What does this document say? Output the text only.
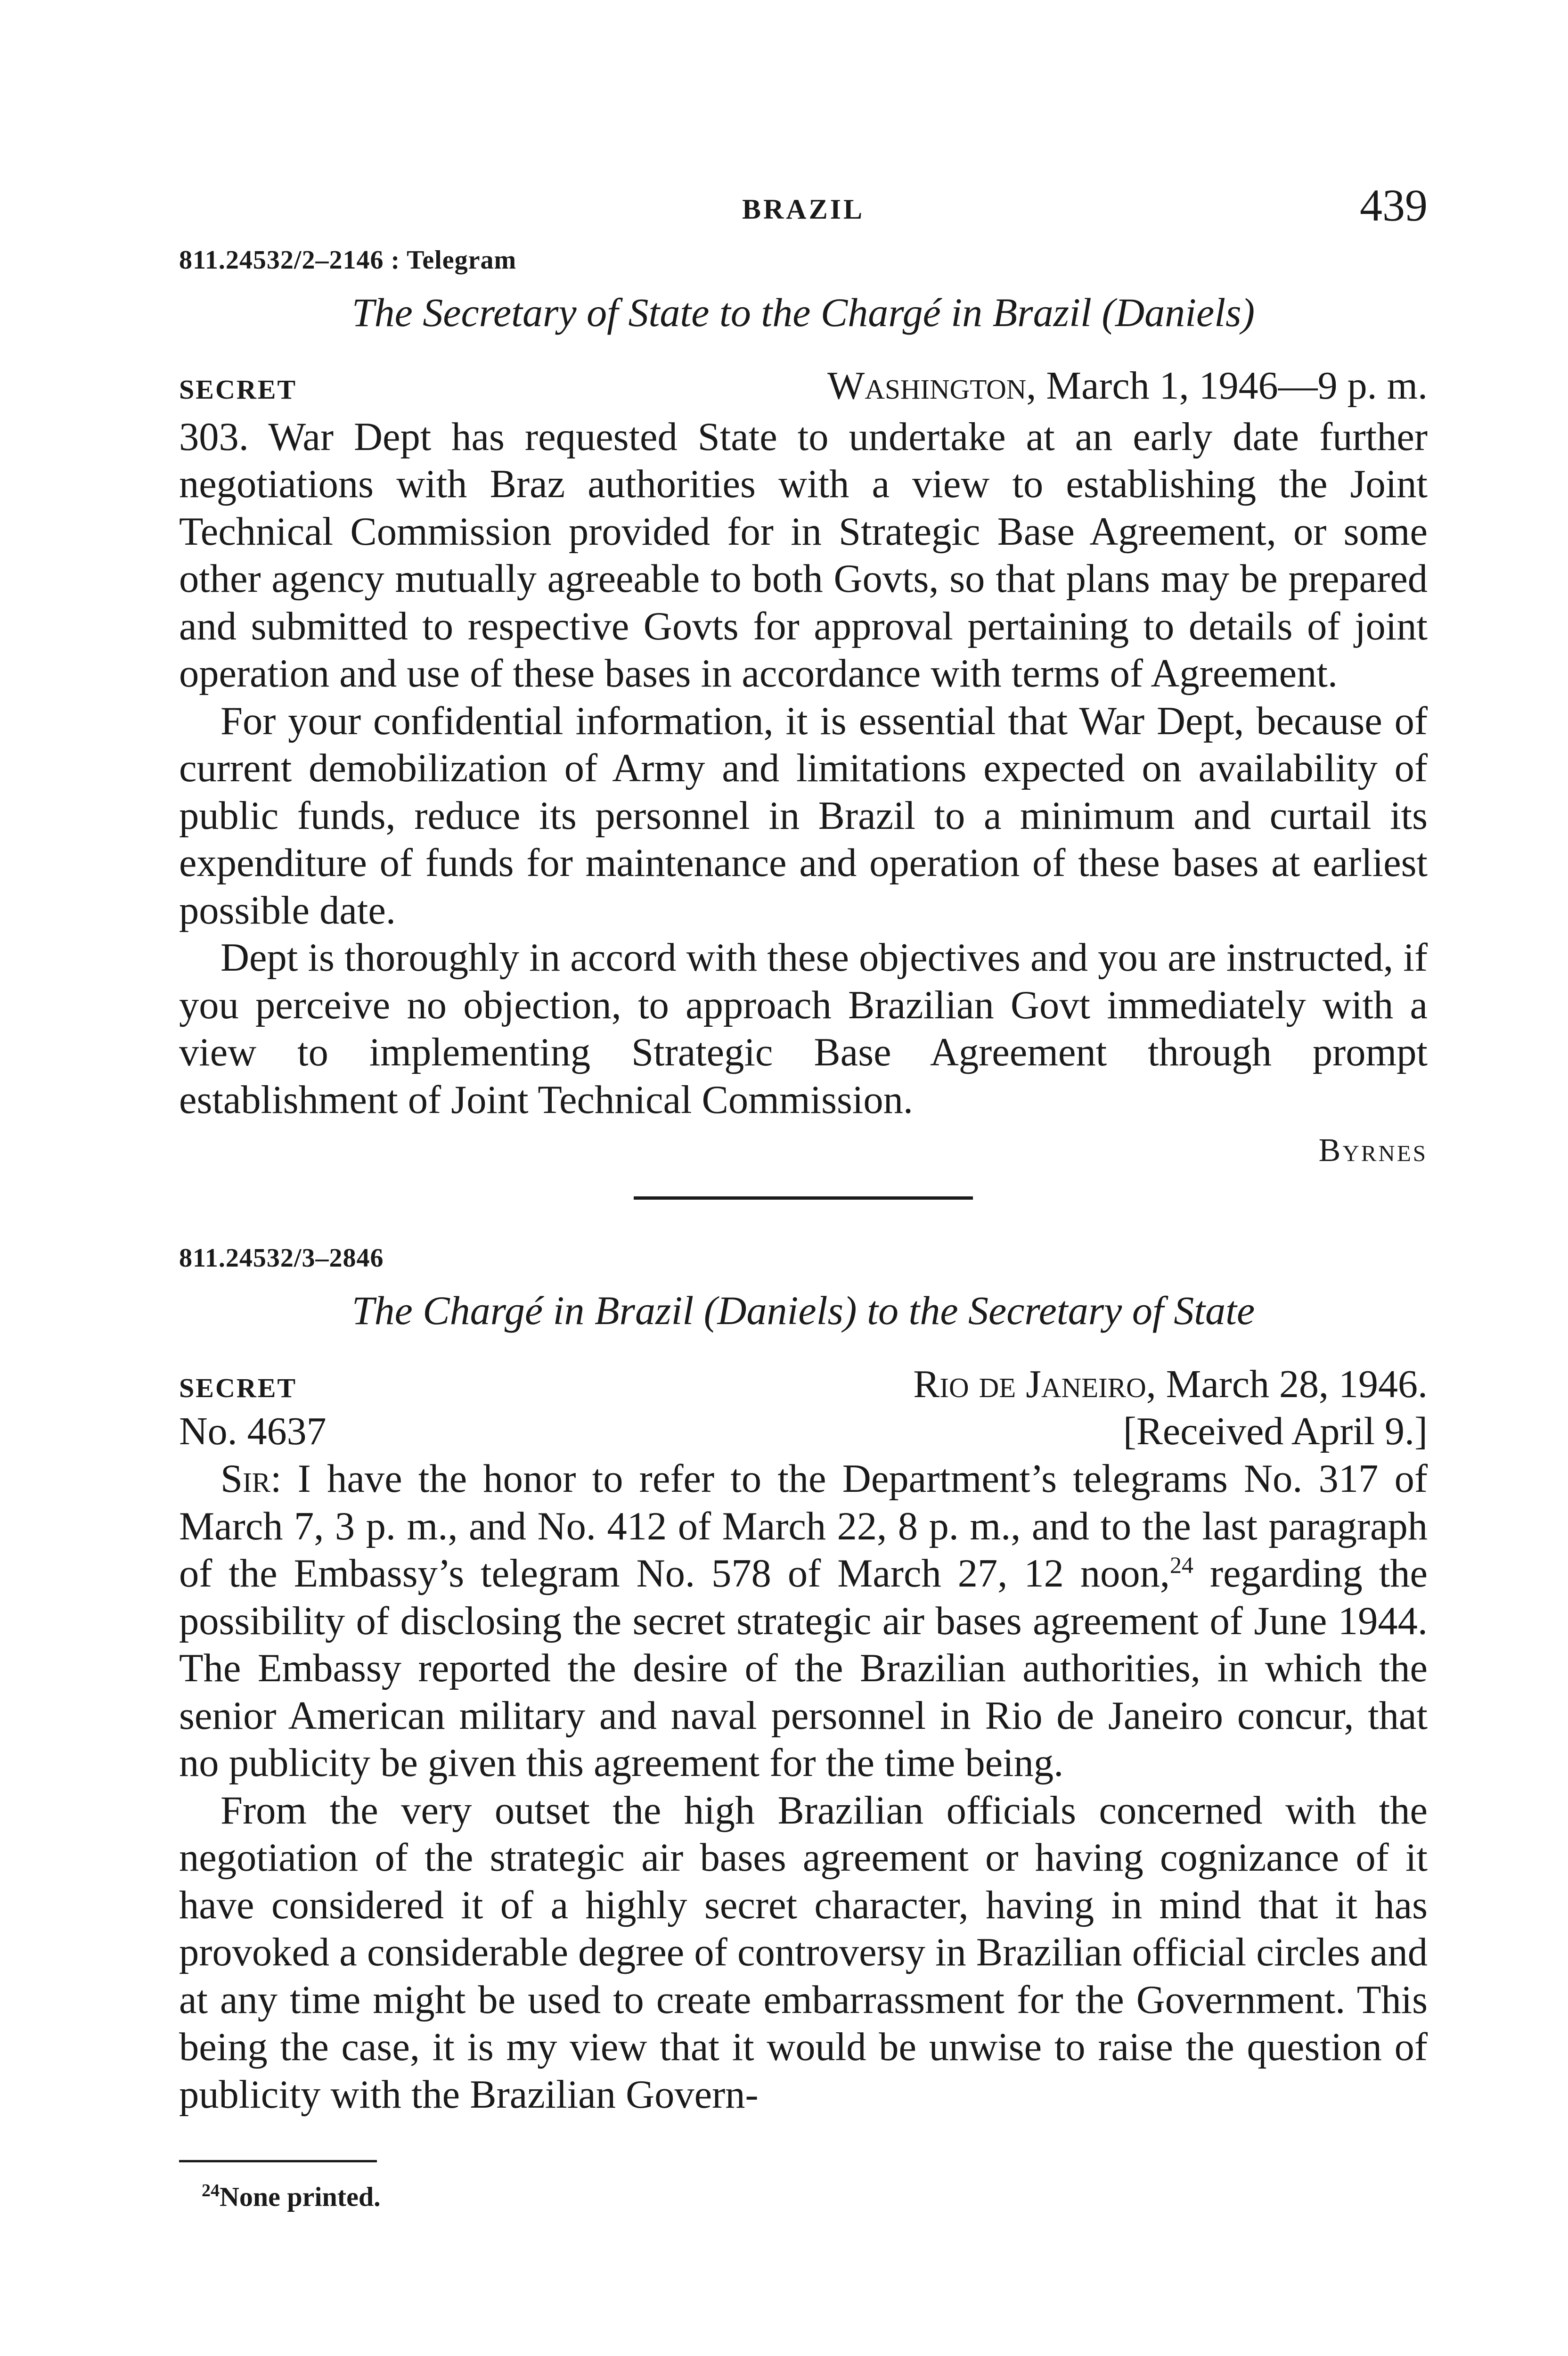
BRAZIL	439
811.24532/2–2146 : Telegram
The Secretary of State to the Chargé in Brazil (Daniels)
SECRET	Washington, March 1, 1946—9 p. m.

303. War Dept has requested State to undertake at an early date further negotiations with Braz authorities with a view to establishing the Joint Technical Commission provided for in Strategic Base Agreement, or some other agency mutually agreeable to both Govts, so that plans may be prepared and submitted to respective Govts for approval pertaining to details of joint operation and use of these bases in accordance with terms of Agreement.

For your confidential information, it is essential that War Dept, because of current demobilization of Army and limitations expected on availability of public funds, reduce its personnel in Brazil to a minimum and curtail its expenditure of funds for maintenance and operation of these bases at earliest possible date.

Dept is thoroughly in accord with these objectives and you are instructed, if you perceive no objection, to approach Brazilian Govt immediately with a view to implementing Strategic Base Agreement through prompt establishment of Joint Technical Commission.

Byrnes
811.24532/3–2846
The Chargé in Brazil (Daniels) to the Secretary of State
SECRET	Rio de Janeiro, March 28, 1946.
No. 4637	[Received April 9.]

Sir: I have the honor to refer to the Department’s telegrams No. 317 of March 7, 3 p. m., and No. 412 of March 22, 8 p. m., and to the last paragraph of the Embassy’s telegram No. 578 of March 27, 12 noon,$^{24}$ regarding the possibility of disclosing the secret strategic air bases agreement of June 1944. The Embassy reported the desire of the Brazilian authorities, in which the senior American military and naval personnel in Rio de Janeiro concur, that no publicity be given this agreement for the time being.

From the very outset the high Brazilian officials concerned with the negotiation of the strategic air bases agreement or having cognizance of it have considered it of a highly secret character, having in mind that it has provoked a considerable degree of controversy in Brazilian official circles and at any time might be used to create embarrassment for the Government. This being the case, it is my view that it would be unwise to raise the question of publicity with the Brazilian Govern-

$^{24}$None printed.
